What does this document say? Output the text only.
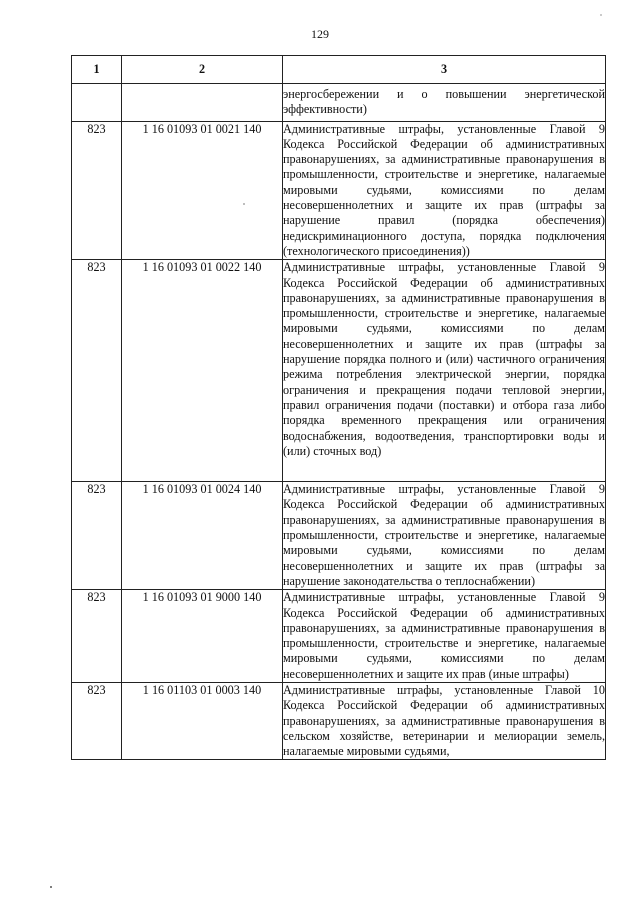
129
1	2	3
		энергосбережении и о повышении энергетической эффективности)
823	1 16 01093 01 0021 140	Административные штрафы, установленные Главой 9 Кодекса Российской Федерации об административных правонарушениях, за административные правонарушения в промышленности, строительстве и энергетике, налагаемые мировыми судьями, комиссиями по делам несовершеннолетних и защите их прав (штрафы за нарушение правил (порядка обеспечения) недискриминационного доступа, порядка подключения (технологического присоединения))
823	1 16 01093 01 0022 140	Административные штрафы, установленные Главой 9 Кодекса Российской Федерации об административных правонарушениях, за административные правонарушения в промышленности, строительстве и энергетике, налагаемые мировыми судьями, комиссиями по делам несовершеннолетних и защите их прав (штрафы за нарушение порядка полного и (или) частичного ограничения режима потребления электрической энергии, порядка ограничения и прекращения подачи тепловой энергии, правил ограничения подачи (поставки) и отбора газа либо порядка временного прекращения или ограничения водоснабжения, водоотведения, транспортировки воды и (или) сточных вод)
823	1 16 01093 01 0024 140	Административные штрафы, установленные Главой 9 Кодекса Российской Федерации об административных правонарушениях, за административные правонарушения в промышленности, строительстве и энергетике, налагаемые мировыми судьями, комиссиями по делам несовершеннолетних и защите их прав (штрафы за нарушение законодательства о теплоснабжении)
823	1 16 01093 01 9000 140	Административные штрафы, установленные Главой 9 Кодекса Российской Федерации об административных правонарушениях, за административные правонарушения в промышленности, строительстве и энергетике, налагаемые мировыми судьями, комиссиями по делам несовершеннолетних и защите их прав (иные штрафы)
823	1 16 01103 01 0003 140	Административные штрафы, установленные Главой 10 Кодекса Российской Федерации об административных правонарушениях, за административные правонарушения в сельском хозяйстве, ветеринарии и мелиорации земель, налагаемые мировыми судьями,
